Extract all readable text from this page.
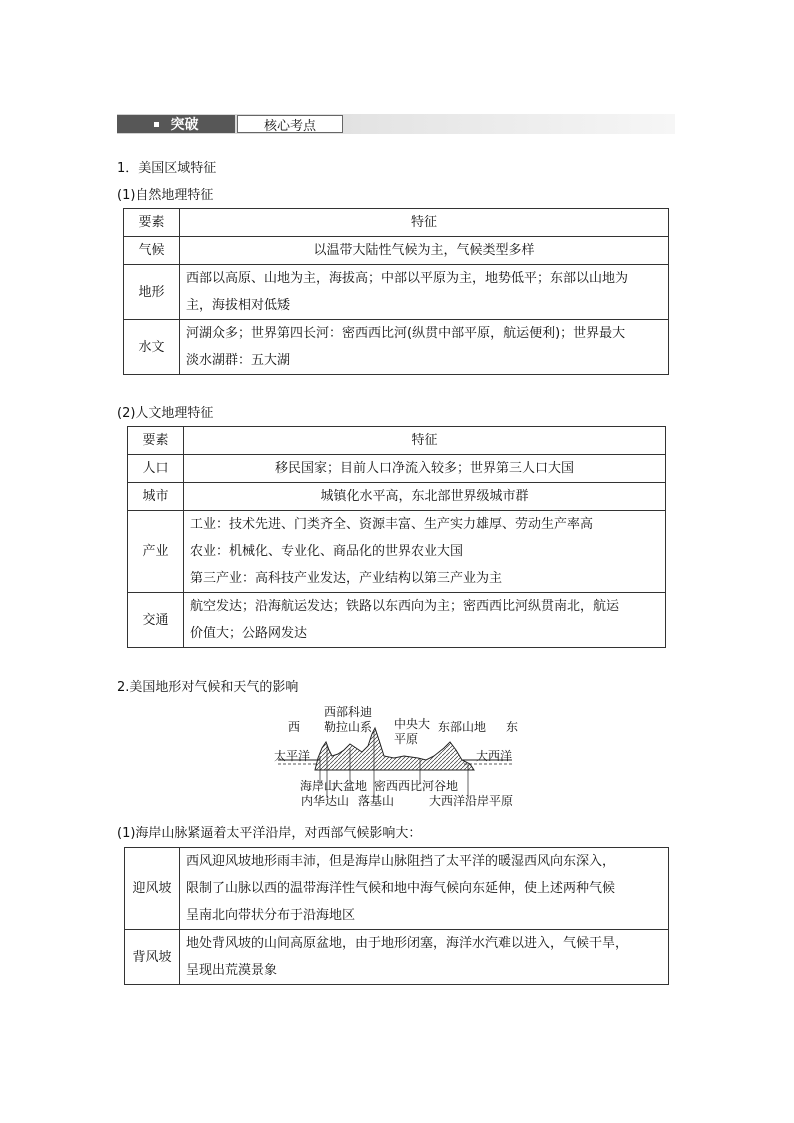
突破	核心考点
1．美国区域特征
(1)自然地理特征
要素	特征
气候	以温带大陆性气候为主，气候类型多样
地形	西部以高原、山地为主，海拔高；中部以平原为主，地势低平；东部以山地为
主，海拔相对低矮

水文	河湖众多；世界第四长河：密西西比河(纵贯中部平原，航运便利)；世界最大
淡水湖群：五大湖
(2)人文地理特征
要素	特征
人口	移民国家；目前人口净流入较多；世界第三人口大国
城市	城镇化水平高，东北部世界级城市群
产业	工业：技术先进、门类齐全、资源丰富、生产实力雄厚、劳动生产率高
农业：机械化、专业化、商品化的世界农业大国
第三产业：高科技产业发达，产业结构以第三产业为主

交通	航空发达；沿海航运发达；铁路以东西向为主；密西西比河纵贯南北，航运
价值大；公路网发达
2.美国地形对气候和天气的影响
西
西部科迪
勒拉山系 中央大
平原
东部山地 东
太平洋	大西洋
海岸山
大盆地 密西西比河谷地
内华达山 落基山	大西洋沿岸平原
(1)海岸山脉紧逼着太平洋沿岸，对西部气候影响大：
迎风坡	西风迎风坡地形雨丰沛，但是海岸山脉阻挡了太平洋的暖湿西风向东深入，
限制了山脉以西的温带海洋性气候和地中海气候向东延伸，使上述两种气候
呈南北向带状分布于沿海地区

背风坡	地处背风坡的山间高原盆地，由于地形闭塞，海洋水汽难以进入，气候干旱，
呈现出荒漠景象
